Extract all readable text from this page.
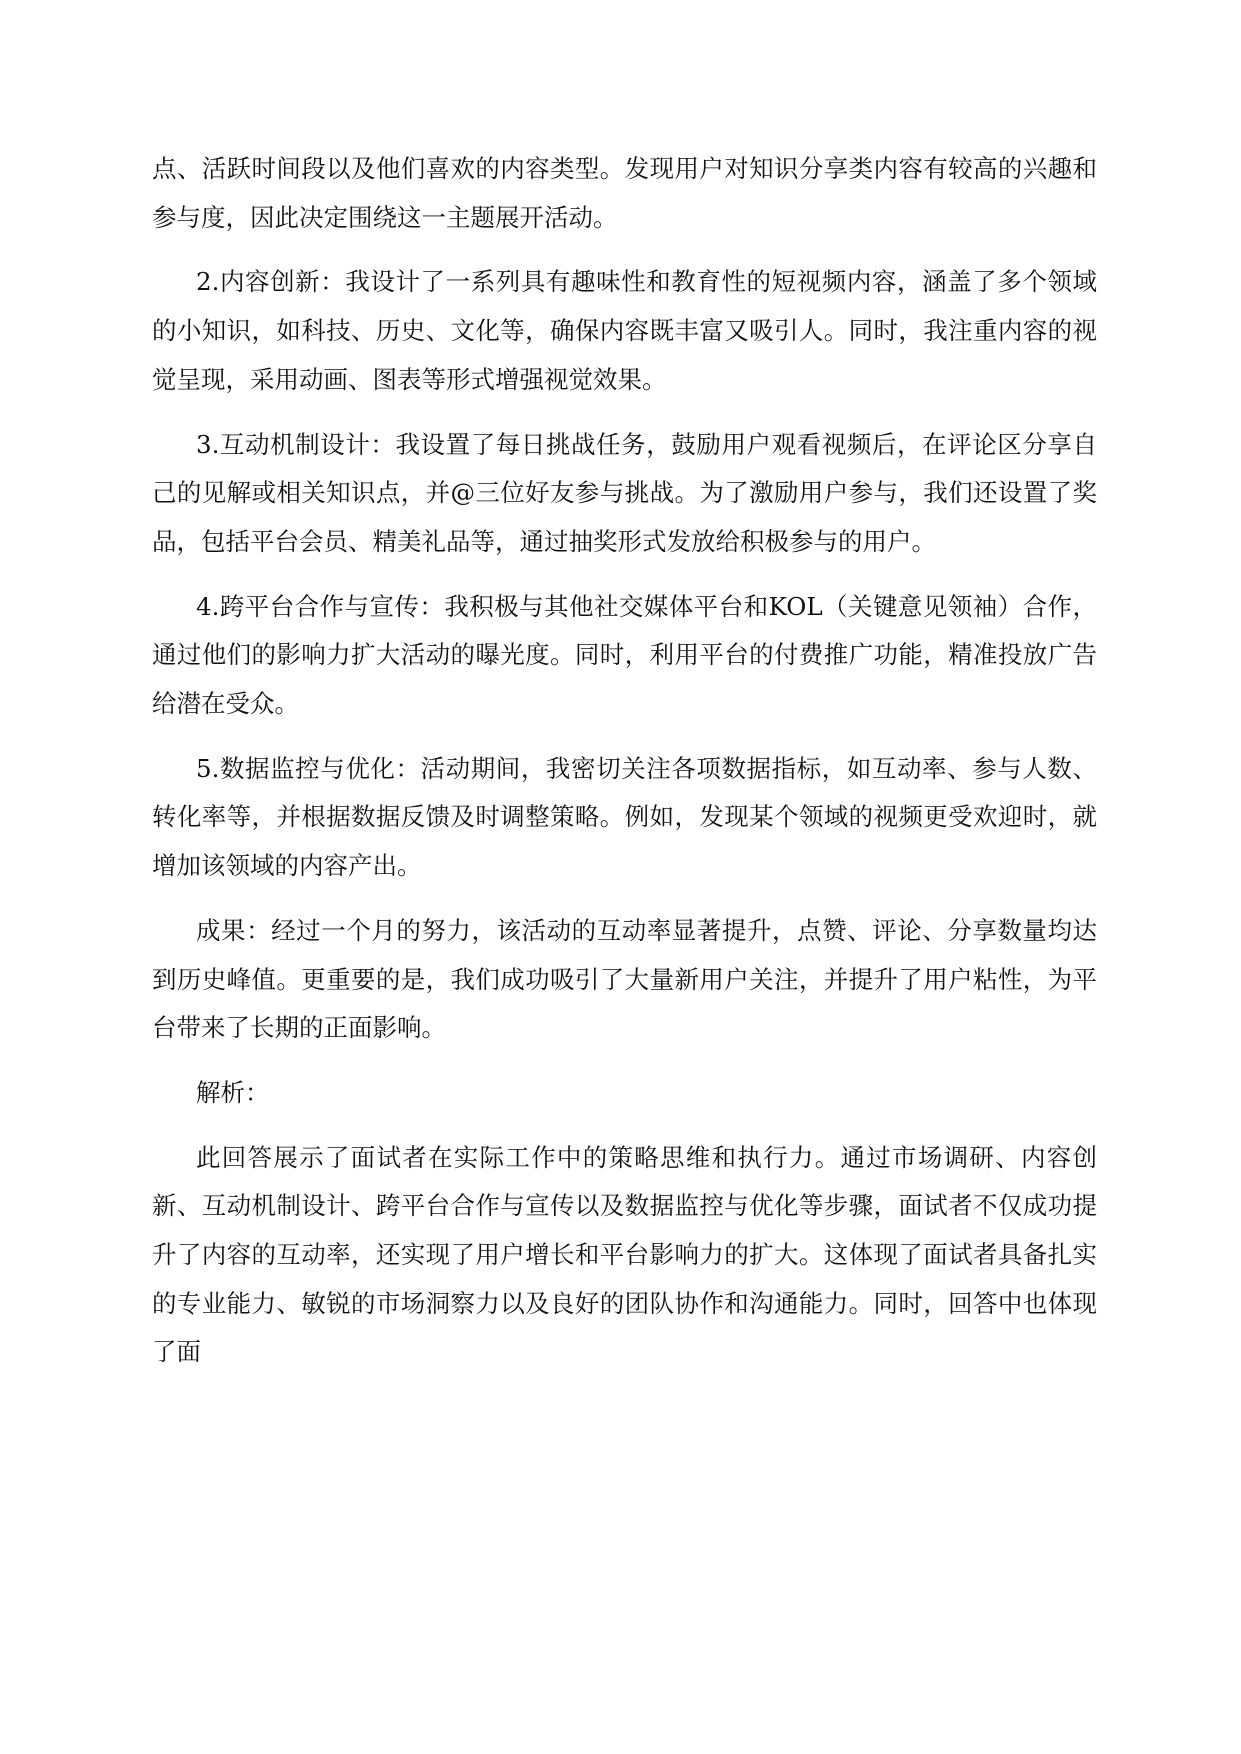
点、活跃时间段以及他们喜欢的内容类型。发现用户对知识分享类内容有较高的兴趣和参与度，因此决定围绕这一主题展开活动。

2.内容创新：我设计了一系列具有趣味性和教育性的短视频内容，涵盖了多个领域的小知识，如科技、历史、文化等，确保内容既丰富又吸引人。同时，我注重内容的视觉呈现，采用动画、图表等形式增强视觉效果。

3.互动机制设计：我设置了每日挑战任务，鼓励用户观看视频后，在评论区分享自己的见解或相关知识点，并@三位好友参与挑战。为了激励用户参与，我们还设置了奖品，包括平台会员、精美礼品等，通过抽奖形式发放给积极参与的用户。

4.跨平台合作与宣传：我积极与其他社交媒体平台和KOL（关键意见领袖）合作，通过他们的影响力扩大活动的曝光度。同时，利用平台的付费推广功能，精准投放广告给潜在受众。

5.数据监控与优化：活动期间，我密切关注各项数据指标，如互动率、参与人数、转化率等，并根据数据反馈及时调整策略。例如，发现某个领域的视频更受欢迎时，就增加该领域的内容产出。

成果：经过一个月的努力，该活动的互动率显著提升，点赞、评论、分享数量均达到历史峰值。更重要的是，我们成功吸引了大量新用户关注，并提升了用户粘性，为平台带来了长期的正面影响。

解析：

此回答展示了面试者在实际工作中的策略思维和执行力。通过市场调研、内容创新、互动机制设计、跨平台合作与宣传以及数据监控与优化等步骤，面试者不仅成功提升了内容的互动率，还实现了用户增长和平台影响力的扩大。这体现了面试者具备扎实的专业能力、敏锐的市场洞察力以及良好的团队协作和沟通能力。同时，回答中也体现了面
